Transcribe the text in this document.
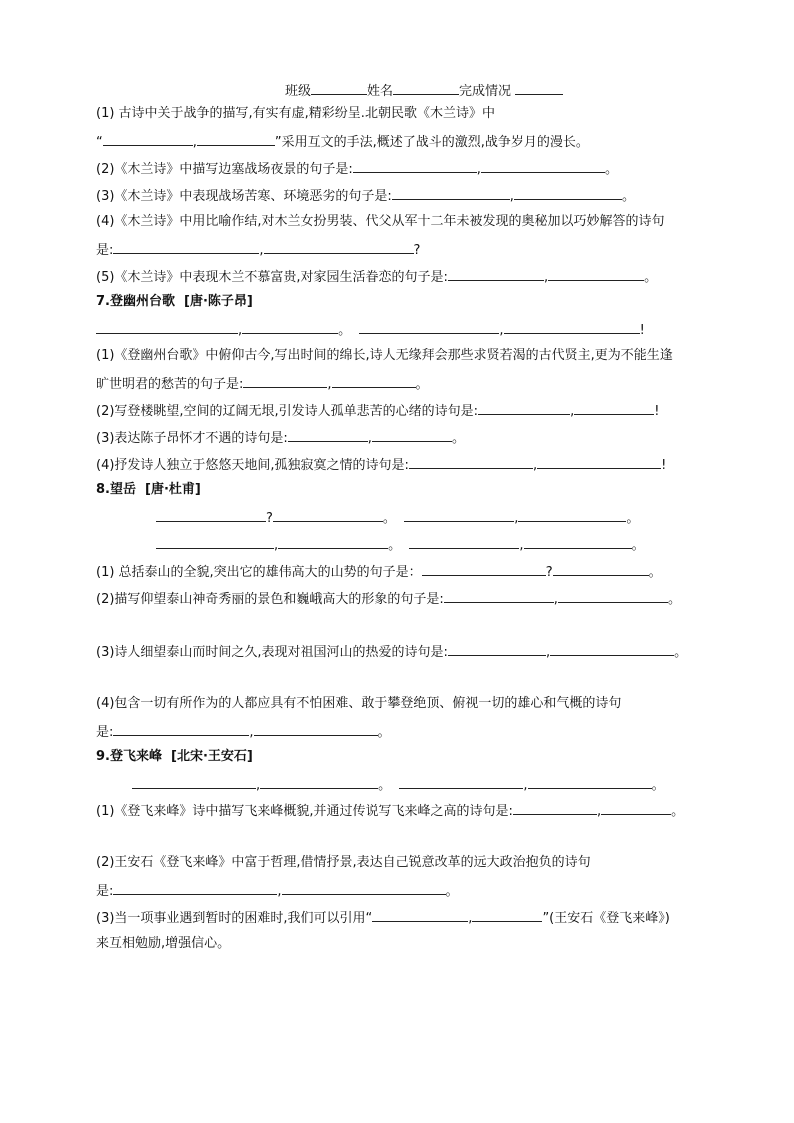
班级	姓名	完成情况
(1) 古诗中关于战争的描写,有实有虚,精彩纷呈.北朝民歌《木兰诗》中
“	,	”采用互文的手法,概述了战斗的激烈,战争岁月的漫长。
(2)《木兰诗》中描写边塞战场夜景的句子是:	,	。
(3)《木兰诗》中表现战场苦寒、环境恶劣的句子是:	,	。
(4)《木兰诗》中用比喻作结,对木兰女扮男装、代父从军十二年未被发现的奥秘加以巧妙解答的诗句
是:	,	?
(5)《木兰诗》中表现木兰不慕富贵,对家园生活眷恋的句子是:	,	。
7.登幽州台歌 [唐·陈子昂]
,	。	,	!
(1)《登幽州台歌》中俯仰古今,写出时间的绵长,诗人无缘拜会那些求贤若渴的古代贤主,更为不能生逢
旷世明君的愁苦的句子是:	,	。
(2)写登楼眺望,空间的辽阔无垠,引发诗人孤单悲苦的心绪的诗句是:	,	!
(3)表达陈子昂怀才不遇的诗句是:	,	。
(4)抒发诗人独立于悠悠天地间,孤独寂寞之情的诗句是:	,	!
8.望岳 [唐·杜甫]
?	。	,	。
,	。	,	。
(1) 总括泰山的全貌,突出它的雄伟高大的山势的句子是：	?	。
(2)描写仰望泰山神奇秀丽的景色和巍峨高大的形象的句子是:	,	。
(3)诗人细望泰山而时间之久,表现对祖国河山的热爱的诗句是:	,	。
(4)包含一切有所作为的人都应具有不怕困难、敢于攀登绝顶、俯视一切的雄心和气概的诗句
是:	,	。
9.登飞来峰 [北宋·王安石]
,	。	,	。
(1)《登飞来峰》诗中描写飞来峰概貌,并通过传说写飞来峰之高的诗句是:	,	。
(2)王安石《登飞来峰》中富于哲理,借情抒景,表达自己锐意改革的远大政治抱负的诗句
是:	,	。
(3)当一项事业遇到暂时的困难时,我们可以引用“	,	”(王安石《登飞来峰》)
来互相勉励,增强信心。
